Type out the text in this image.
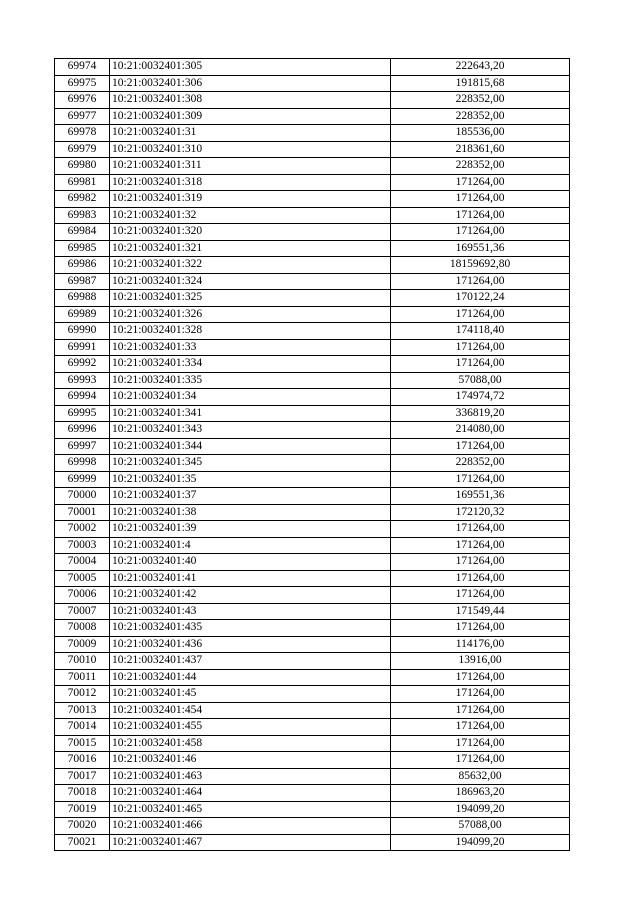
69974	10:21:0032401:305	222643,20
69975	10:21:0032401:306	191815,68
69976	10:21:0032401:308	228352,00
69977	10:21:0032401:309	228352,00
69978	10:21:0032401:31	185536,00
69979	10:21:0032401:310	218361,60
69980	10:21:0032401:311	228352,00
69981	10:21:0032401:318	171264,00
69982	10:21:0032401:319	171264,00
69983	10:21:0032401:32	171264,00
69984	10:21:0032401:320	171264,00
69985	10:21:0032401:321	169551,36
69986	10:21:0032401:322	18159692,80
69987	10:21:0032401:324	171264,00
69988	10:21:0032401:325	170122,24
69989	10:21:0032401:326	171264,00
69990	10:21:0032401:328	174118,40
69991	10:21:0032401:33	171264,00
69992	10:21:0032401:334	171264,00
69993	10:21:0032401:335	57088,00
69994	10:21:0032401:34	174974,72
69995	10:21:0032401:341	336819,20
69996	10:21:0032401:343	214080,00
69997	10:21:0032401:344	171264,00
69998	10:21:0032401:345	228352,00
69999	10:21:0032401:35	171264,00
70000	10:21:0032401:37	169551,36
70001	10:21:0032401:38	172120,32
70002	10:21:0032401:39	171264,00
70003	10:21:0032401:4	171264,00
70004	10:21:0032401:40	171264,00
70005	10:21:0032401:41	171264,00
70006	10:21:0032401:42	171264,00
70007	10:21:0032401:43	171549,44
70008	10:21:0032401:435	171264,00
70009	10:21:0032401:436	114176,00
70010	10:21:0032401:437	13916,00
70011	10:21:0032401:44	171264,00
70012	10:21:0032401:45	171264,00
70013	10:21:0032401:454	171264,00
70014	10:21:0032401:455	171264,00
70015	10:21:0032401:458	171264,00
70016	10:21:0032401:46	171264,00
70017	10:21:0032401:463	85632,00
70018	10:21:0032401:464	186963,20
70019	10:21:0032401:465	194099,20
70020	10:21:0032401:466	57088,00
70021	10:21:0032401:467	194099,20
